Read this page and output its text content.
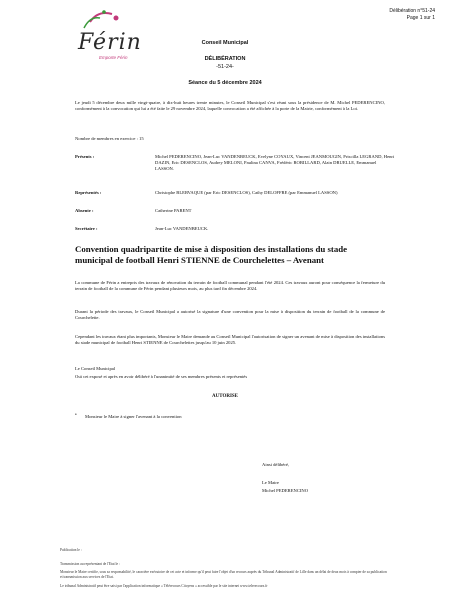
Férin
Emporte Férin
Délibération n°51-24
Page 1 sur 1
Conseil Municipal
DÉLIBÉRATION
-51-24-
Séance du 5 décembre 2024
Le jeudi 5 décembre deux mille vingt-quatre, à dix-huit heures trente minutes, le Conseil Municipal s'est réuni sous la présidence de M. Michel PEDERENCINO, conformément à la convocation qui lui a été faite le 29 novembre 2024, laquelle convocation a été affichée à la porte de la Mairie, conformément à la Loi.
Nombre de membres en exercice : 15
Présents :	Michel PEDERENCINO, Jean-Luc VANDENBEUCK, Evelyne COYAUX, Vincent JEANMOUGIN, Priscilla LEGRAND, Henri DAZIN, Eric DESENCLOS, Audrey MELONI, Paulina CANVA, Frédéric ROBILLARD, Alain DRUELLE, Emmanuel LASSON.
Représentés :	Christophe BLERVAQUE (par Eric DESENCLOS), Cathy DELOFFRE (par Emmanuel LASSON)
Absente :	Catherine PARENT
Secrétaire :	Jean-Luc VANDENBEUCK.
Convention quadripartite de mise à disposition des installations du stade municipal de football Henri STIENNE de Courchelettes – Avenant
La commune de Férin a entrepris des travaux de rénovation du terrain de football communal pendant l'été 2024. Ces travaux auront pour conséquence la fermeture du terrain de football de la commune de Férin pendant plusieurs mois, au plus tard fin décembre 2024.
Durant la période des travaux, le Conseil Municipal a autorisé la signature d'une convention pour la mise à disposition du terrain de football de la commune de Courchelette.
Cependant les travaux étant plus importants, Monsieur le Maire demande au Conseil Municipal l'autorisation de signer un avenant de mise à disposition des installations du stade municipal de football Henri STIENNE de Courchelettes jusqu'au 10 juin 2025.
Le Conseil Municipal
Ouï cet exposé et après en avoir délibéré à l'unanimité de ses membres présents et représentés
AUTORISE
• Monsieur le Maire à signer l'avenant à la convention
Ainsi délibéré,
Le Maire
Michel PEDERENCINO
Publication le :
Transmission au représentant de l'Etat le :
Monsieur le Maire certifie, sous sa responsabilité, le caractère exécutoire de cet acte et informe qu'il peut faire l'objet d'un recours auprès du Tribunal Administratif de Lille dans un délai de deux mois à compter de sa publication et transmission aux services de l'Etat.
Le tribunal Administratif peut être saisi par l'application informatique « Télérecours Citoyens » accessible par le site internet www.telerecours.fr
